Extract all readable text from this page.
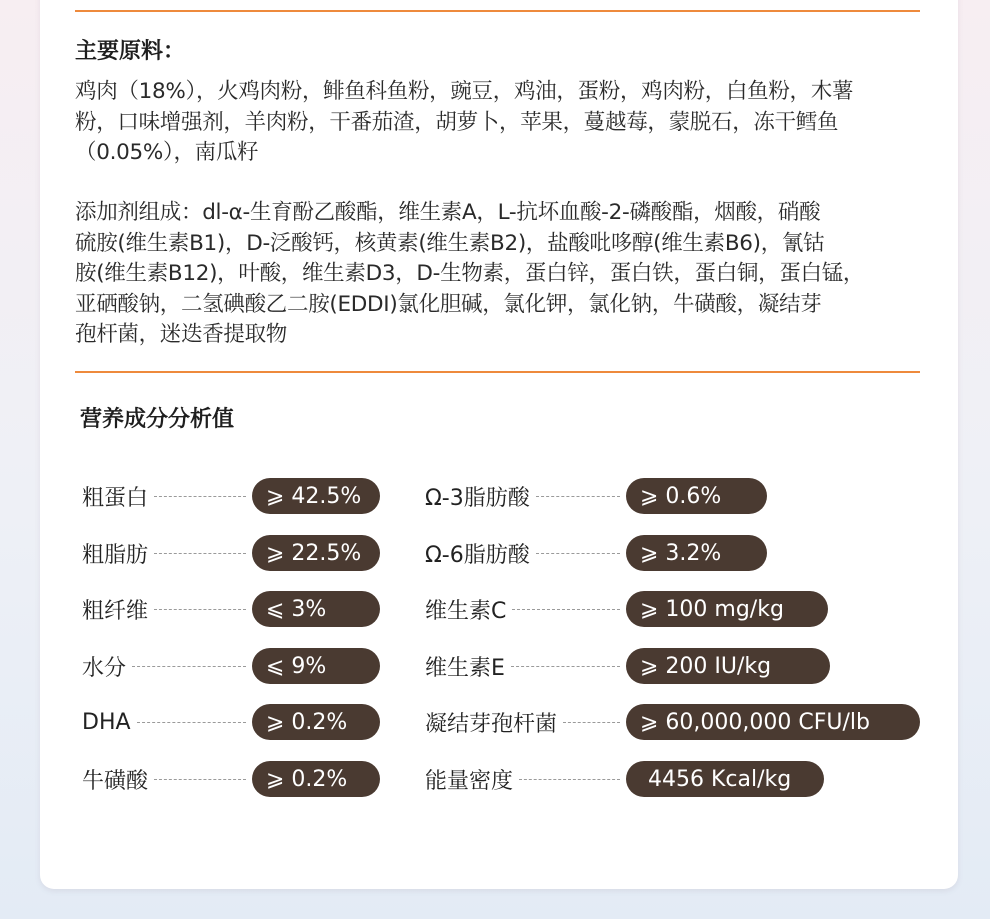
主要原料：
鸡肉（18%），火鸡肉粉，鲱鱼科鱼粉，豌豆，鸡油，蛋粉，鸡肉粉，白鱼粉，木薯
粉，口味增强剂，羊肉粉，干番茄渣，胡萝卜，苹果，蔓越莓，蒙脱石，冻干鳕鱼
（0.05%），南瓜籽
添加剂组成：dl-α-生育酚乙酸酯，维生素A，L-抗坏血酸-2-磷酸酯，烟酸，硝酸
硫胺(维生素B1)，D-泛酸钙，核黄素(维生素B2)，盐酸吡哆醇(维生素B6)，氰钴
胺(维生素B12)，叶酸，维生素D3，D-生物素，蛋白锌，蛋白铁，蛋白铜，蛋白锰，
亚硒酸钠，二氢碘酸乙二胺(EDDI)氯化胆碱，氯化钾，氯化钠，牛磺酸，凝结芽
孢杆菌，迷迭香提取物
营养成分分析值
粗蛋白	⩾ 42.5%
粗脂肪	⩾ 22.5%
粗纤维	⩽ 3%
水分	⩽ 9%
DHA	⩾ 0.2%
牛磺酸	⩾ 0.2%
Ω-3脂肪酸	⩾ 0.6%
Ω-6脂肪酸	⩾ 3.2%
维生素C	⩾ 100 mg/kg
维生素E	⩾ 200 IU/kg
凝结芽孢杆菌	⩾ 60,000,000 CFU/lb
能量密度	4456 Kcal/kg
